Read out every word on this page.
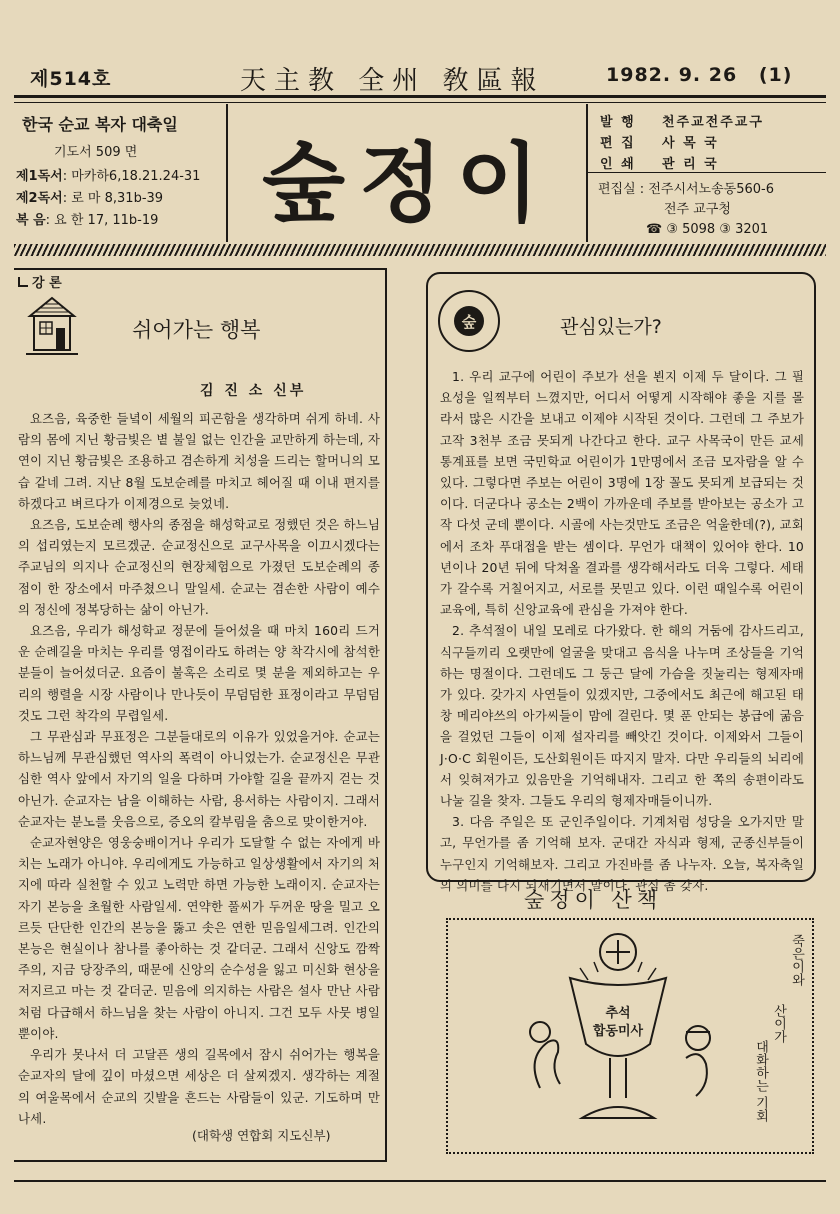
제514호	天主教 全州 敎區報	1982. 9. 26 (1)
한국 순교 복자 대축일
기도서 509 면
제1독서: 마카하6,18.21.24-31
제2독서: 로 마 8,31b-39
복 음: 요 한 17, 11b-19	숲정이
발 행	천주교전주교구
편 집	사 목 국
인 쇄	관 리 국
편집실 : 전주시서노송동560-6
전주 교구청
☎ ③ 5098 ③ 3201
강 론
쉬어가는 행복
김 진 소 신부

요즈음, 육중한 들녘이 세월의 피곤함을 생각하며 쉬게 하네. 사람의 몸에 지닌 황금빛은 볕 불일 없는 인간을 교만하게 하는데, 자연이 지닌 황금빛은 조용하고 겸손하게 치성을 드리는 할머니의 모습 같네 그려. 지난 8월 도보순례를 마치고 헤어질 때 이내 편지를 하겠다고 벼르다가 이제경으로 늦었네.

요즈음, 도보순례 행사의 종점을 해성학교로 정했던 것은 하느님의 섭리였는지 모르겠군. 순교정신으로 교구사목을 이끄시겠다는 주교님의 의지나 순교정신의 현장체험으로 가졌던 도보순례의 종점이 한 장소에서 마주쳤으니 말일세. 순교는 겸손한 사람이 예수의 정신에 정복당하는 삶이 아닌가.

요즈음, 우리가 해성학교 정문에 들어섰을 때 마치 160리 드거운 순례길을 마치는 우리를 영접이라도 하려는 양 착각시에 참석한 분들이 늘어섰더군. 요즘이 불혹은 소리로 몇 분을 제외하고는 우리의 행렬을 시장 사람이나 만나듯이 무덤덤한 표정이라고 무덤덤 것도 그런 착각의 무렵일세.

그 무관심과 무표정은 그분들대로의 이유가 있었을거야. 순교는 하느님께 무관심했던 역사의 폭력이 아니었는가. 순교정신은 무관심한 역사 앞에서 자기의 일을 다하며 가야할 길을 끝까지 걷는 것 아닌가. 순교자는 남을 이해하는 사람, 용서하는 사람이지. 그래서 순교자는 분노를 웃음으로, 증오의 칼부림을 춤으로 맞이한거야.

순교자현양은 영웅숭배이거나 우리가 도달할 수 없는 자에게 바치는 노래가 아니야. 우리에게도 가능하고 일상생활에서 자기의 처지에 따라 실천할 수 있고 노력만 하면 가능한 노래이지. 순교자는 자기 본능을 초월한 사람일세. 연약한 풀씨가 두꺼운 땅을 밀고 오르듯 단단한 인간의 본능을 뚫고 솟은 연한 믿음일세그려. 인간의 본능은 현실이나 참나를 좋아하는 것 같더군. 그래서 신앙도 깜짝주의, 지금 당장주의, 때문에 신앙의 순수성을 잃고 미신화 현상을 저지르고 마는 것 같더군. 믿음에 의지하는 사람은 설사 만난 사람처럼 다급해서 하느님을 찾는 사람이 아니지. 그건 모두 사뭇 병일 뿐이야.

우리가 못나서 더 고달픈 생의 길목에서 잠시 쉬어가는 행복을 순교자의 달에 깊이 마셨으면 세상은 더 살찌겠지. 생각하는 계절의 여울목에서 순교의 깃발을 흔드는 사람들이 있군. 기도하며 만나세.

(대학생 연합회 지도신부)
숲	관심있는가?

1. 우리 교구에 어린이 주보가 선을 뵌지 이제 두 달이다. 그 필요성을 일찍부터 느꼈지만, 어디서 어떻게 시작해야 좋을 지를 몰라서 많은 시간을 보내고 이제야 시작된 것이다. 그런데 그 주보가 고작 3천부 조금 못되게 나간다고 한다. 교구 사목국이 만든 교세통계표를 보면 국민학교 어린이가 1만명에서 조금 모자람을 알 수 있다. 그렇다면 주보는 어린이 3명에 1장 꼴도 못되게 보급되는 것이다. 더군다나 공소는 2백이 가까운데 주보를 받아보는 공소가 고작 다섯 군데 뿐이다. 시골에 사는것만도 조금은 억울한데(?), 교회에서 조차 푸대접을 받는 셈이다. 무언가 대책이 있어야 한다. 10년이나 20년 뒤에 닥쳐올 결과를 생각해서라도 더욱 그렇다. 세태가 갈수록 거칠어지고, 서로를 못믿고 있다. 이런 때일수록 어린이 교육에, 특히 신앙교육에 관심을 가져야 한다.

2. 추석절이 내일 모레로 다가왔다. 한 해의 거둠에 감사드리고, 식구들끼리 오랫만에 얼굴을 맞대고 음식을 나누며 조상들을 기억하는 명절이다. 그런데도 그 둥근 달에 가슴을 짓눌리는 형제자매가 있다. 갖가지 사연들이 있겠지만, 그중에서도 최근에 해고된 태창 메리야쓰의 아가씨들이 맘에 걸린다. 몇 푼 안되는 봉급에 굶음을 걸었던 그들이 이제 설자리를 빼앗긴 것이다. 이제와서 그들이 J·O·C 회원이든, 도산회원이든 따지지 말자. 다만 우리들의 뇌리에서 잊혀져가고 있음만을 기억해내자. 그리고 한 쪽의 송편이라도 나눌 길을 찾자. 그들도 우리의 형제자매들이니까.

3. 다음 주일은 또 군인주일이다. 기계처럼 성당을 오가지만 말고, 무언가를 좀 기억해 보자. 군대간 자식과 형제, 군종신부들이 누구인지 기억해보자. 그리고 가진바를 좀 나누자. 오늘, 복자축일의 의미를 다시 되새기면서 말이다. 관심 좀 갖자.

숲정이 산책
추석
합동미사
죽은이와
산이가
대화하는 기회
